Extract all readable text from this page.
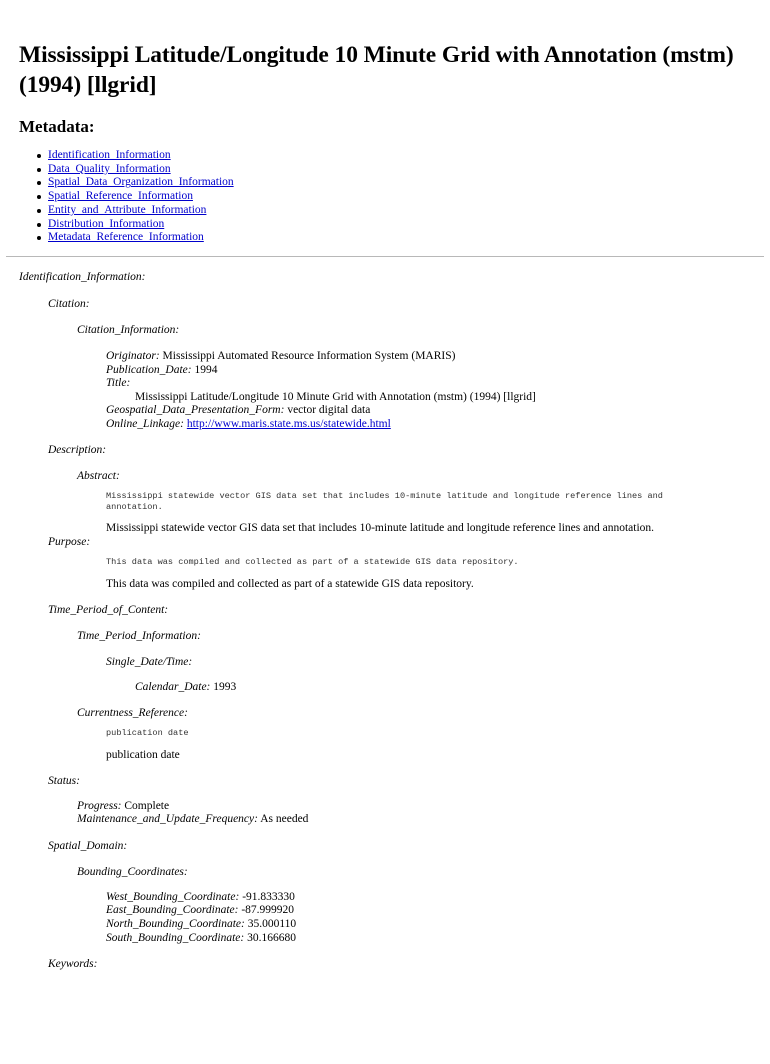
Mississippi Latitude/Longitude 10 Minute Grid with Annotation (mstm) (1994) [llgrid]
Metadata:
Identification_Information
Data_Quality_Information
Spatial_Data_Organization_Information
Spatial_Reference_Information
Entity_and_Attribute_Information
Distribution_Information
Metadata_Reference_Information
Identification_Information:
Citation:
Citation_Information:
Originator: Mississippi Automated Resource Information System (MARIS)
Publication_Date: 1994
Title:
Mississippi Latitude/Longitude 10 Minute Grid with Annotation (mstm) (1994) [llgrid]
Geospatial_Data_Presentation_Form: vector digital data
Online_Linkage: http://www.maris.state.ms.us/statewide.html
Description:
Abstract:
Mississippi statewide vector GIS data set that includes 10-minute latitude and longitude reference lines and
annotation.
Mississippi statewide vector GIS data set that includes 10-minute latitude and longitude reference lines and annotation.
Purpose:
This data was compiled and collected as part of a statewide GIS data repository.
This data was compiled and collected as part of a statewide GIS data repository.
Time_Period_of_Content:
Time_Period_Information:
Single_Date/Time:
Calendar_Date: 1993
Currentness_Reference:
publication date
publication date
Status:
Progress: Complete
Maintenance_and_Update_Frequency: As needed
Spatial_Domain:
Bounding_Coordinates:
West_Bounding_Coordinate: -91.833330
East_Bounding_Coordinate: -87.999920
North_Bounding_Coordinate: 35.000110
South_Bounding_Coordinate: 30.166680
Keywords:
